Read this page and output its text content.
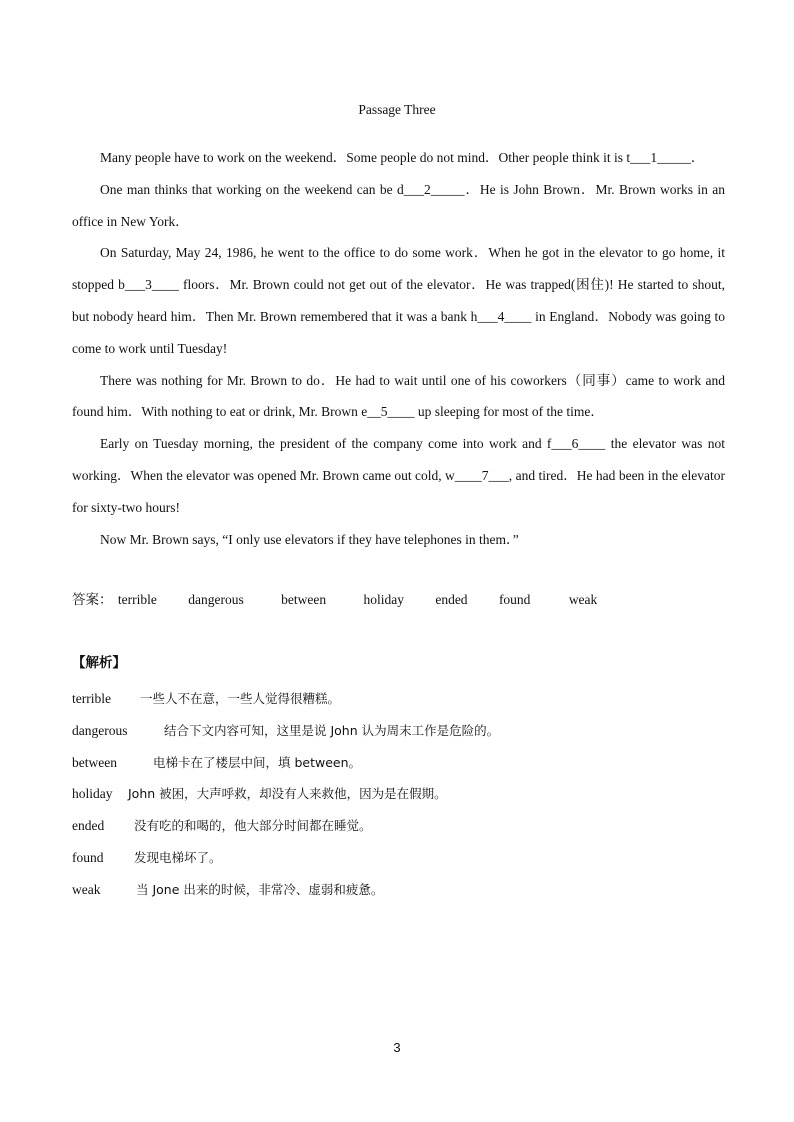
Passage Three

Many people have to work on the weekend．Some people do not mind．Other people think it is t___1_____．

One man thinks that working on the weekend can be d___2_____．He is John Brown．Mr. Brown works in an office in New York．

On Saturday, May 24, 1986, he went to the office to do some work．When he got in the elevator to go home, it stopped b___3____ floors．Mr. Brown could not get out of the elevator．He was trapped(困住)! He started to shout, but nobody heard him．Then Mr. Brown remembered that it was a bank h___4____ in England．Nobody was going to come to work until Tuesday!

There was nothing for Mr. Brown to do．He had to wait until one of his coworkers（同事）came to work and found him．With nothing to eat or drink, Mr. Brown e__5____ up sleeping for most of the time．

Early on Tuesday morning, the president of the company come into work and f___6____ the elevator was not working．When the elevator was opened Mr. Brown came out cold, w____7___, and tired．He had been in the elevator for sixty-two hours!

Now Mr. Brown says, “I only use elevators if they have telephones in them．”

答案： terrible dangerous	between	holiday ended found	weak
【解析】
terrible 一些人不在意，一些人觉得很糟糕。
dangerous	结合下文内容可知，这里是说 John 认为周末工作是危险的。
between	电梯卡在了楼层中间，填 between。
holiday John 被困，大声呼救，却没有人来救他，因为是在假期。
ended 没有吃的和喝的，他大部分时间都在睡觉。
found 发现电梯坏了。
weak	当 Jone 出来的时候，非常冷、虚弱和疲惫。
3
